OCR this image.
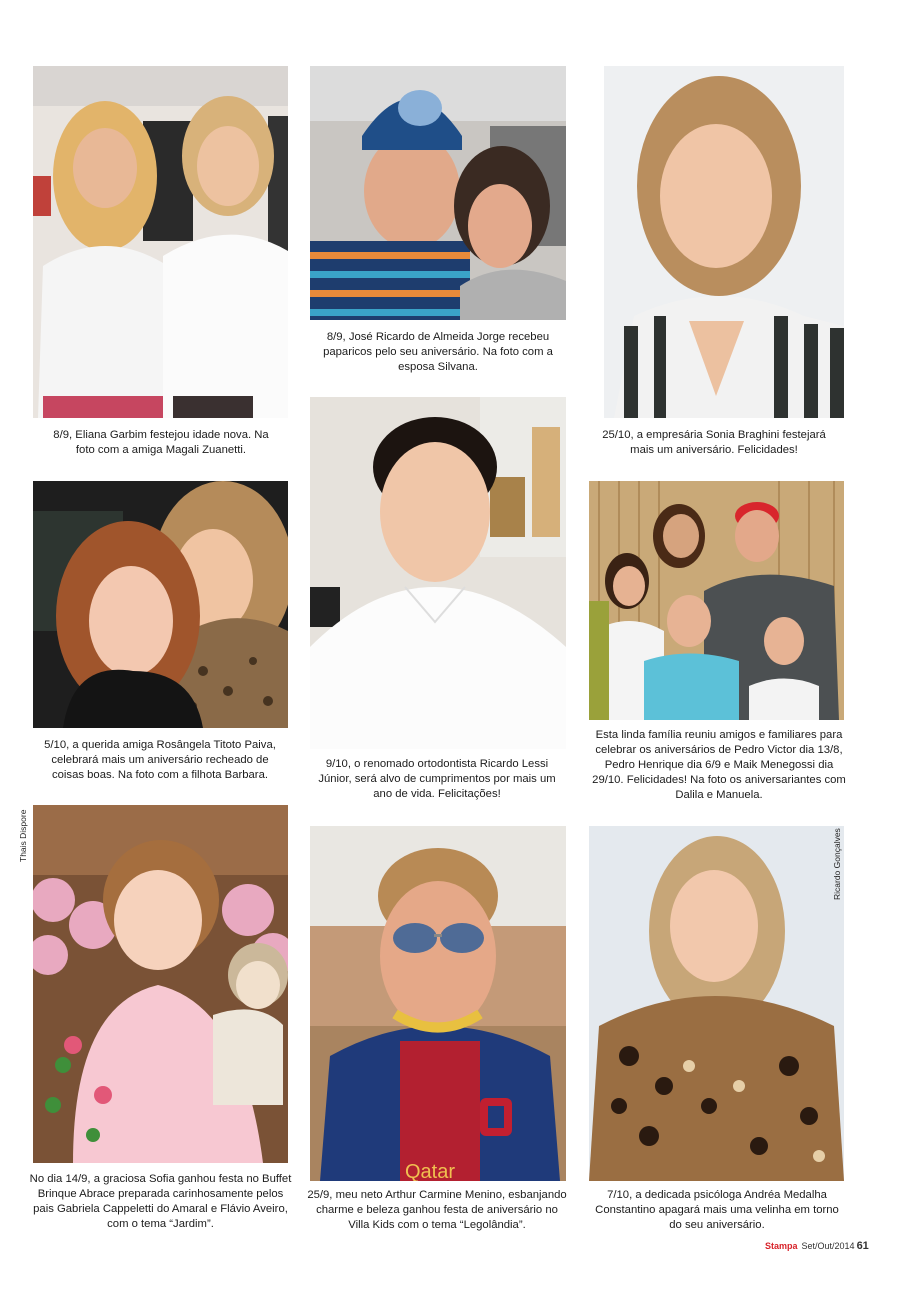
8/9, Eliana Garbim festejou idade nova. Na foto com a amiga Magali Zuanetti.
8/9, José Ricardo de Almeida Jorge recebeu paparicos pelo seu aniversário. Na foto com a esposa Silvana.
25/10, a empresária Sonia Braghini festejará mais um aniversário. Felicidades!
5/10, a querida amiga Rosângela Titoto Paiva, celebrará mais um aniversário recheado de coisas boas. Na foto com a filhota Barbara.
9/10, o renomado ortodontista Ricardo Lessi Júnior, será alvo de cumprimentos por mais um ano de vida. Felicitações!
Esta linda família reuniu amigos e familiares para celebrar os aniversários de Pedro Victor dia 13/8, Pedro Henrique dia 6/9 e Maik Menegossi dia 29/10. Felicidades! Na foto os aniversariantes com Dalila e Manuela.
No dia 14/9, a graciosa Sofia ganhou festa no Buffet Brinque Abrace preparada carinhosamente pelos pais Gabriela Cappeletti do Amaral e Flávio Aveiro, com o tema “Jardim”.
Qatar
25/9, meu neto Arthur Carmine Menino, esbanjando charme e beleza ganhou festa de aniversário no Villa Kids com o tema “Legolândia”.
7/10, a dedicada psicóloga Andréa Medalha Constantino apagará mais uma velinha em torno do seu aniversário.
Thais Dispore	Ricardo Gonçalves
Stampa Set/Out/2014 61
